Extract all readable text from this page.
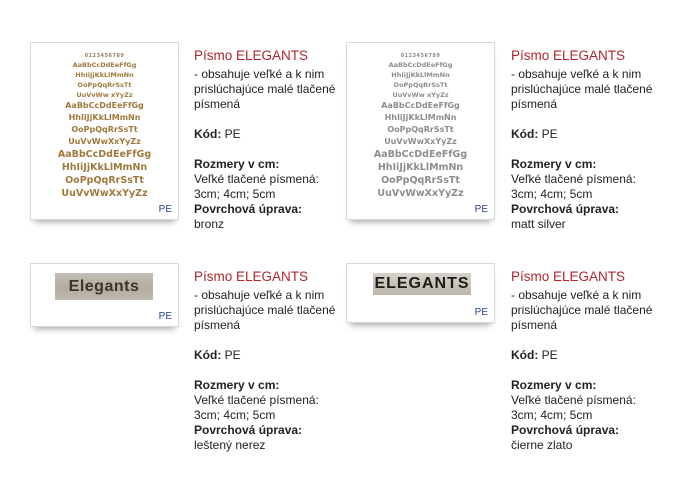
0123456789
AaBbCcDdEeFfGg
HhIiJjKkLlMmNn
OoPpQqRrSsTt
UuVvWw xYyZz
AaBbCcDdEeFfGg
HhIiJjKkLlMmNn
OoPpQqRrSsTt
UuVvWwXxYyZz
AaBbCcDdEeFfGg
HhIiJjKkLlMmNn
OoPpQqRrSsTt
UuVvWwXxYyZz
PE
Písmo ELEGANTS
- obsahuje veľké a k nim prislúchajúce malé tlačené písmená
Kód: PE
Rozmery v cm:
Veľké tlačené písmená:
3cm; 4cm; 5cm
Povrchová úprava:
bronz
0123456789
AaBbCcDdEeFfGg
HhIiJjKkLlMmNn
OoPpQqRrSsTt
UuVvWw xYyZz
AaBbCcDdEeFfGg
HhIiJjKkLlMmNn
OoPpQqRrSsTt
UuVvWwXxYyZz
AaBbCcDdEeFfGg
HhIiJjKkLlMmNn
OoPpQqRrSsTt
UuVvWwXxYyZz
PE
Písmo ELEGANTS
- obsahuje veľké a k nim prislúchajúce malé tlačené písmená
Kód: PE
Rozmery v cm:
Veľké tlačené písmená:
3cm; 4cm; 5cm
Povrchová úprava:
matt silver
Elegants
PE
Písmo ELEGANTS
- obsahuje veľké a k nim prislúchajúce malé tlačené písmená
Kód: PE
Rozmery v cm:
Veľké tlačené písmená:
3cm; 4cm; 5cm
Povrchová úprava:
leštený nerez
ELEGANTS
PE
Písmo ELEGANTS
- obsahuje veľké a k nim prislúchajúce malé tlačené písmená
Kód: PE
Rozmery v cm:
Veľké tlačené písmená:
3cm; 4cm; 5cm
Povrchová úprava:
čierne zlato
